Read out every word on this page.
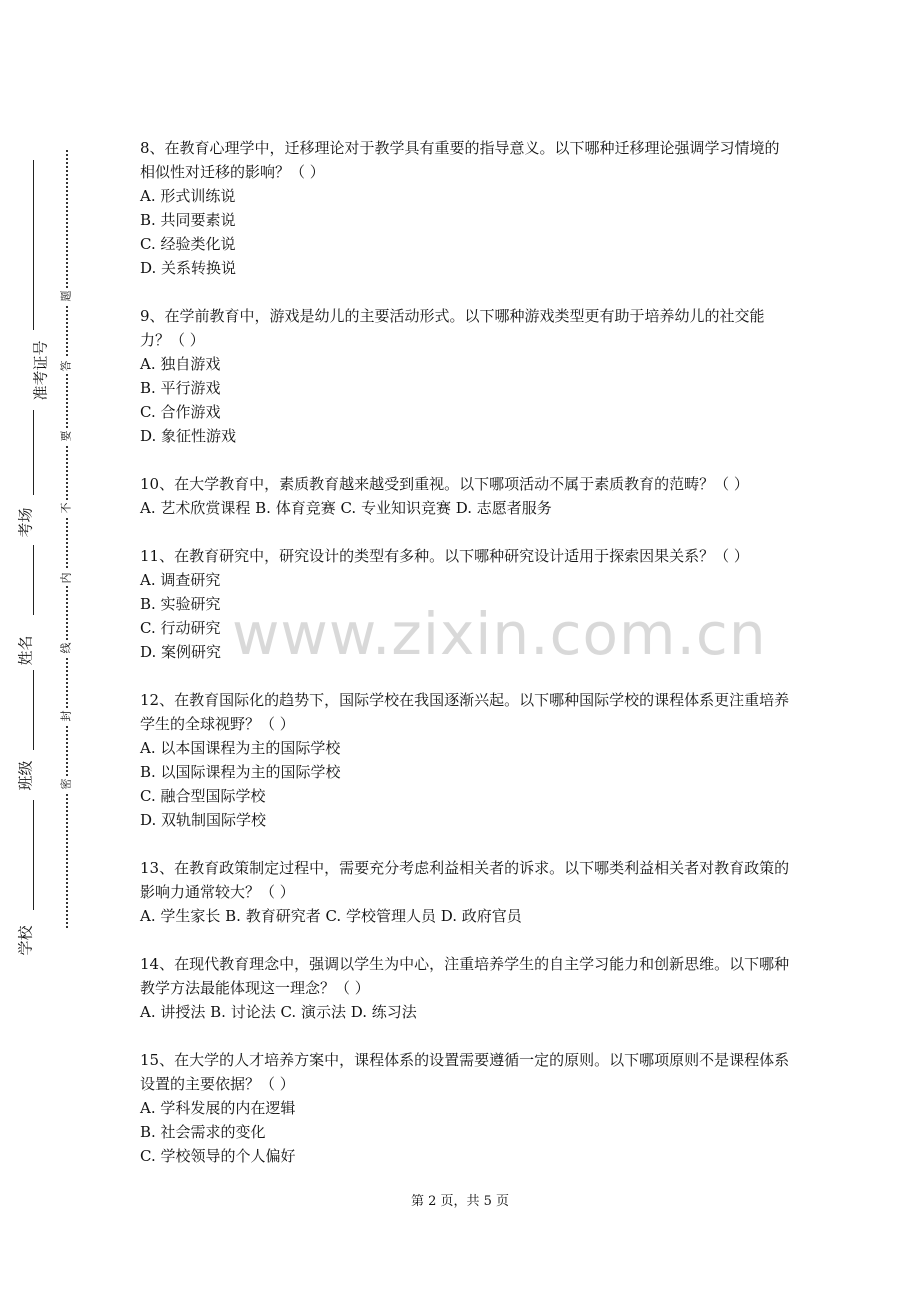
准考证号
考场
姓名
班级
学校
题
答
要
不
内
线
封
密

8、在教育心理学中，迁移理论对于教学具有重要的指导意义。以下哪种迁移理论强调学习情境的相似性对迁移的影响？（ ）

A. 形式训练说

B. 共同要素说

C. 经验类化说

D. 关系转换说

9、在学前教育中，游戏是幼儿的主要活动形式。以下哪种游戏类型更有助于培养幼儿的社交能力？（ ）

A. 独自游戏

B. 平行游戏

C. 合作游戏

D. 象征性游戏

10、在大学教育中，素质教育越来越受到重视。以下哪项活动不属于素质教育的范畴？（ ）

A. 艺术欣赏课程 B. 体育竞赛 C. 专业知识竞赛 D. 志愿者服务

11、在教育研究中，研究设计的类型有多种。以下哪种研究设计适用于探索因果关系？（ ）

A. 调查研究

B. 实验研究

C. 行动研究

D. 案例研究

12、在教育国际化的趋势下，国际学校在我国逐渐兴起。以下哪种国际学校的课程体系更注重培养学生的全球视野？（ ）

A. 以本国课程为主的国际学校

B. 以国际课程为主的国际学校

C. 融合型国际学校

D. 双轨制国际学校

13、在教育政策制定过程中，需要充分考虑利益相关者的诉求。以下哪类利益相关者对教育政策的影响力通常较大？（ ）

A. 学生家长 B. 教育研究者 C. 学校管理人员 D. 政府官员

14、在现代教育理念中，强调以学生为中心，注重培养学生的自主学习能力和创新思维。以下哪种教学方法最能体现这一理念？（ ）

A. 讲授法 B. 讨论法 C. 演示法 D. 练习法

15、在大学的人才培养方案中，课程体系的设置需要遵循一定的原则。以下哪项原则不是课程体系设置的主要依据？（ ）

A. 学科发展的内在逻辑

B. 社会需求的变化

C. 学校领导的个人偏好

www.zixin.com.cn
第 2 页，共 5 页
